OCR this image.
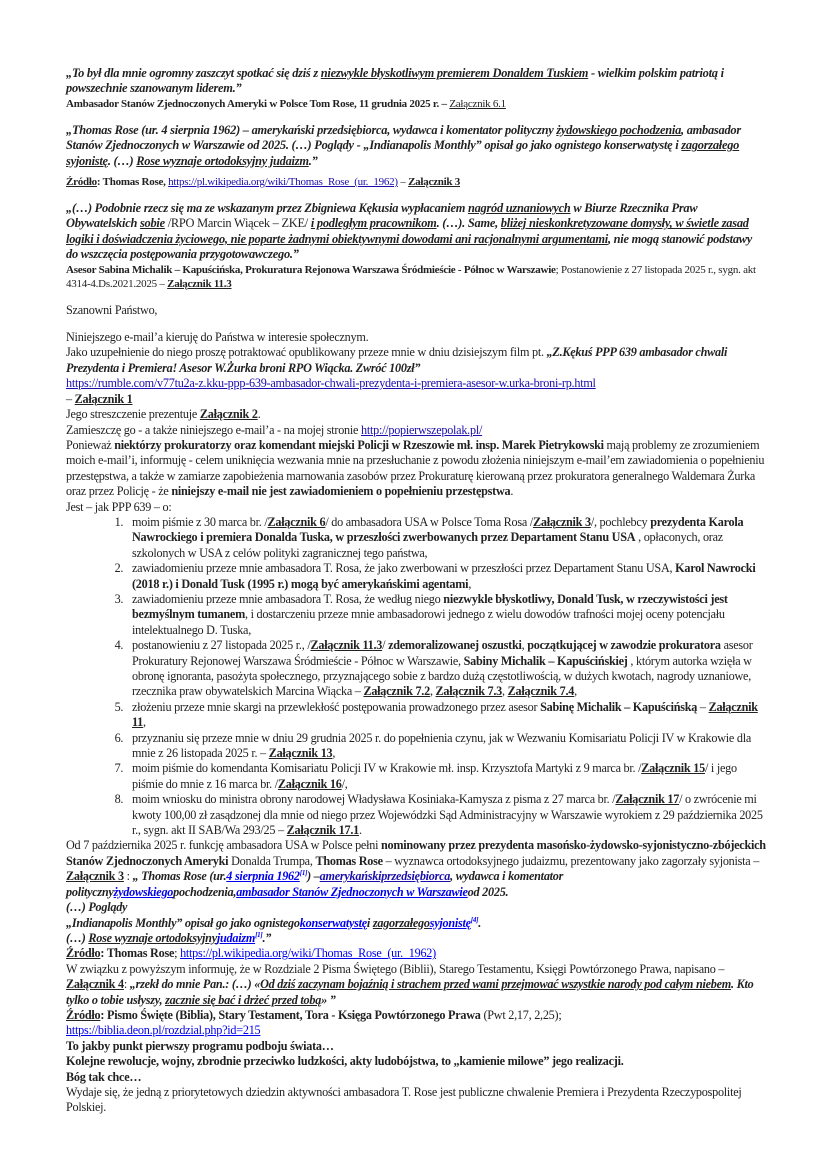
„To był dla mnie ogromny zaszczyt spotkać się dziś z niezwykle błyskotliwym premierem Donaldem Tuskiem - wielkim polskim patriotą i powszechnie szanowanym liderem.”

Ambasador Stanów Zjednoczonych Ameryki w Polsce Tom Rose, 11 grudnia 2025 r. – Załącznik 6.1

„Thomas Rose (ur. 4 sierpnia 1962) – amerykański przedsiębiorca, wydawca i komentator polityczny żydowskiego pochodzenia, ambasador Stanów Zjednoczonych w Warszawie od 2025. (…) Poglądy - „Indianapolis Monthly” opisał go jako ognistego konserwatystę i zagorzałego syjonistę. (…) Rose wyznaje ortodoksyjny judaizm.”

Źródło: Thomas Rose, https://pl.wikipedia.org/wiki/Thomas_Rose_(ur._1962) – Załącznik 3

„(…) Podobnie rzecz się ma ze wskazanym przez Zbigniewa Kękusia wypłacaniem nagród uznaniowych w Biurze Rzecznika Praw Obywatelskich sobie /RPO Marcin Wiącek – ZKE/ i podległym pracownikom. (…). Same, bliżej nieskonkretyzowane domysły, w świetle zasad logiki i doświadczenia życiowego, nie poparte żadnymi obiektywnymi dowodami ani racjonalnymi argumentami, nie mogą stanowić podstawy do wszczęcia postępowania przygotowawczego.”

Asesor Sabina Michalik – Kapuścińska, Prokuratura Rejonowa Warszawa Śródmieście - Północ w Warszawie; Postanowienie z 27 listopada 2025 r., sygn. akt 4314-4.Ds.2021.2025 – Załącznik 11.3

Szanowni Państwo,

Niniejszego e-mail’a kieruję do Państwa w interesie społecznym.

Jako uzupełnienie do niego proszę potraktować opublikowany przeze mnie w dniu dzisiejszym film pt. „Z.Kękuś PPP 639 ambasador chwali Prezydenta i Premiera! Asesor W.Żurka broni RPO Wiącka. Zwróć 100zł”

https://rumble.com/v77tu2a-z.kku-ppp-639-ambasador-chwali-prezydenta-i-premiera-asesor-w.urka-broni-rp.html

– Załącznik 1

Jego streszczenie prezentuje Załącznik 2.

Zamieszczę go - a także niniejszego e-mail’a - na mojej stronie http://popierwszepolak.pl/

Ponieważ niektórzy prokuratorzy oraz komendant miejski Policji w Rzeszowie mł. insp. Marek Pietrykowski mają problemy ze zrozumieniem moich e-mail’i, informuję - celem uniknięcia wezwania mnie na przesłuchanie z powodu złożenia niniejszym e-mail’em zawiadomienia o popełnieniu przestępstwa, a także w zamiarze zapobieżenia marnowania zasobów przez Prokuraturę kierowaną przez prokuratora generalnego Waldemara Żurka oraz przez Policję - że niniejszy e-mail nie jest zawiadomieniem o popełnieniu przestępstwa.

Jest – jak PPP 639 – o:

1. moim piśmie z 30 marca br. /Załącznik 6/ do ambasadora USA w Polsce Toma Rosa /Załącznik 3/, pochlebcy prezydenta Karola Nawrockiego i premiera Donalda Tuska, w przeszłości zwerbowanych przez Departament Stanu USA , opłaconych, oraz szkolonych w USA z celów polityki zagranicznej tego państwa,
2. zawiadomieniu przeze mnie ambasadora T. Rosa, że jako zwerbowani w przeszłości przez Departament Stanu USA, Karol Nawrocki (2018 r.) i Donald Tusk (1995 r.) mogą być amerykańskimi agentami,
3. zawiadomieniu przeze mnie ambasadora T. Rosa, że według niego niezwykle błyskotliwy, Donald Tusk, w rzeczywistości jest bezmyślnym tumanem, i dostarczeniu przeze mnie ambasadorowi jednego z wielu dowodów trafności mojej oceny potencjału intelektualnego D. Tuska,
4. postanowieniu z 27 listopada 2025 r., /Załącznik 11.3/ zdemoralizowanej oszustki, początkującej w zawodzie prokuratora asesor Prokuratury Rejonowej Warszawa Śródmieście - Północ w Warszawie, Sabiny Michalik – Kapuścińskiej , którym autorka wzięła w obronę ignoranta, pasożyta społecznego, przyznającego sobie z bardzo dużą częstotliwością, w dużych kwotach, nagrody uznaniowe, rzecznika praw obywatelskich Marcina Wiącka – Załącznik 7.2, Załącznik 7.3, Załącznik 7.4,
5. złożeniu przeze mnie skargi na przewlekłość postępowania prowadzonego przez asesor Sabinę Michalik – Kapuścińską – Załącznik 11,
6. przyznaniu się przeze mnie w dniu 29 grudnia 2025 r. do popełnienia czynu, jak w Wezwaniu Komisariatu Policji IV w Krakowie dla mnie z 26 listopada 2025 r. – Załącznik 13,
7. moim piśmie do komendanta Komisariatu Policji IV w Krakowie mł. insp. Krzysztofa Martyki z 9 marca br. /Załącznik 15/ i jego piśmie do mnie z 16 marca br. /Załącznik 16/,
8. moim wniosku do ministra obrony narodowej Władysława Kosiniaka-Kamysza z pisma z 27 marca br. /Załącznik 17/ o zwrócenie mi kwoty 100,00 zł zasądzonej dla mnie od niego przez Wojewódzki Sąd Administracyjny w Warszawie wyrokiem z 29 października 2025 r., sygn. akt II SAB/Wa 293/25 – Załącznik 17.1.

Od 7 października 2025 r. funkcję ambasadora USA w Polsce pełni nominowany przez prezydenta masońsko-żydowsko-syjonistyczno-zbójeckich Stanów Zjednoczonych Ameryki Donalda Trumpa, Thomas Rose – wyznawca ortodoksyjnego judaizmu, prezentowany jako zagorzały syjonista – Załącznik 3 : „ Thomas Rose (ur.4 sierpnia 1962[1]) –amerykańskiprzedsiębiorca, wydawca i komentator politycznyżydowskiegopochodzenia,ambasador Stanów Zjednoczonych w Warszawieod 2025.

(…) Poglądy

„Indianapolis Monthly” opisał go jako ognistegokonserwatystęi zagorzałegosyjonistę[4].

(…) Rose wyznaje ortodoksyjnyjudaizm[1].”

Źródło: Thomas Rose; https://pl.wikipedia.org/wiki/Thomas_Rose_(ur._1962)

W związku z powyższym informuję, że w Rozdziale 2 Pisma Świętego (Biblii), Starego Testamentu, Księgi Powtórzonego Prawa, napisano – Załącznik 4: „rzekł do mnie Pan.: (…) «Od dziś zaczynam bojaźnią i strachem przed wami przejmować wszystkie narody pod całym niebem. Kto tylko o tobie usłyszy, zacznie się bać i drżeć przed tobą» ”

Źródło: Pismo Święte (Biblia), Stary Testament, Tora - Księga Powtórzonego Prawa (Pwt 2,17, 2,25);

https://biblia.deon.pl/rozdzial.php?id=215

To jakby punkt pierwszy programu podboju świata…

Kolejne rewolucje, wojny, zbrodnie przeciwko ludzkości, akty ludobójstwa, to „kamienie milowe” jego realizacji.

Bóg tak chce…

Wydaje się, że jedną z priorytetowych dziedzin aktywności ambasadora T. Rose jest publiczne chwalenie Premiera i Prezydenta Rzeczypospolitej Polskiej.
